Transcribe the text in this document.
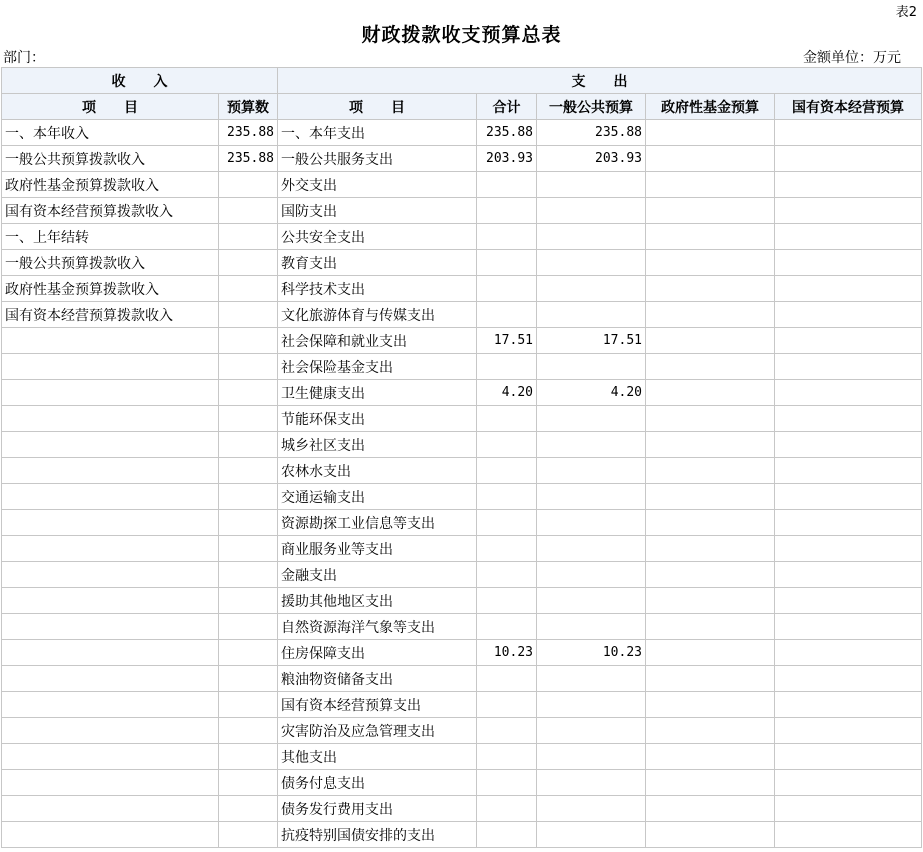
表2
财政拨款收支预算总表
部门：	金额单位：万元
收　　入		支　　出				
项　　目	预算数	项　　目	合计	一般公共预算	政府性基金预算	国有资本经营预算
一、本年收入	235.88	一、本年支出	235.88	235.88		
一般公共预算拨款收入	235.88	一般公共服务支出	203.93	203.93		
政府性基金预算拨款收入		外交支出				
国有资本经营预算拨款收入		国防支出				
一、上年结转		公共安全支出				
一般公共预算拨款收入		教育支出				
政府性基金预算拨款收入		科学技术支出				
国有资本经营预算拨款收入		文化旅游体育与传媒支出				
		社会保障和就业支出	17.51	17.51		
		社会保险基金支出				
		卫生健康支出	4.20	4.20		
		节能环保支出				
		城乡社区支出				
		农林水支出				
		交通运输支出				
		资源勘探工业信息等支出				
		商业服务业等支出				
		金融支出				
		援助其他地区支出				
		自然资源海洋气象等支出				
		住房保障支出	10.23	10.23		
		粮油物资储备支出				
		国有资本经营预算支出				
		灾害防治及应急管理支出				
		其他支出				
		债务付息支出				
		债务发行费用支出				
		抗疫特别国债安排的支出				
